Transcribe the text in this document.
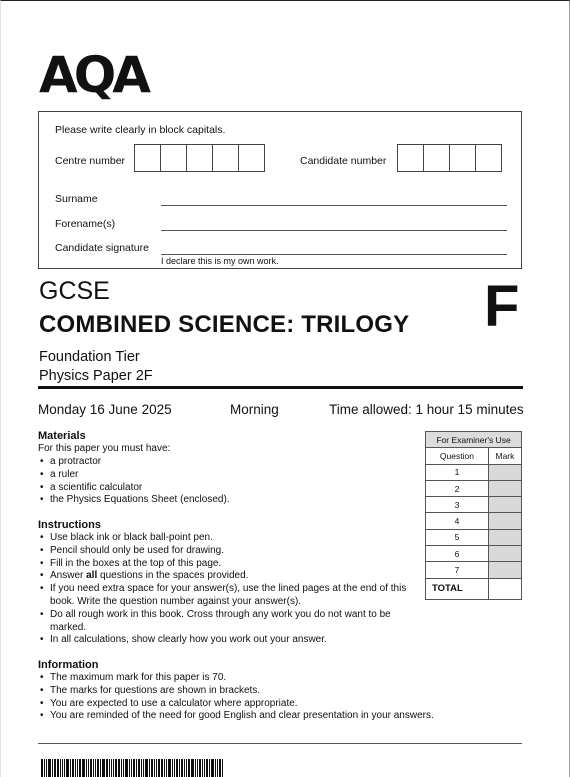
AQA
Please write clearly in block capitals.
Centre number	Candidate number
Surname
Forename(s)
Candidate signature
I declare this is my own work.
GCSE
COMBINED SCIENCE: TRILOGY F
Foundation Tier
Physics Paper 2F
Monday 16 June 2025	Morning	Time allowed: 1 hour 15 minutes
Materials
For this paper you must have:
• a protractor
• a ruler
• a scientific calculator
• the Physics Equations Sheet (enclosed).
Instructions
• Use black ink or black ball-point pen.
• Pencil should only be used for drawing.
• Fill in the boxes at the top of this page.
• Answer all questions in the spaces provided.
• If you need extra space for your answer(s), use the lined pages at the end of this book. Write the question number against your answer(s).
• Do all rough work in this book. Cross through any work you do not want to be marked.
• In all calculations, show clearly how you work out your answer.
Information
• The maximum mark for this paper is 70.
• The marks for questions are shown in brackets.
• You are expected to use a calculator where appropriate.
• You are reminded of the need for good English and clear presentation in your answers.
For Examiner's Use	
Question	Mark
1	
2	
3	
4	
5	
6	
7	
TOTAL	
